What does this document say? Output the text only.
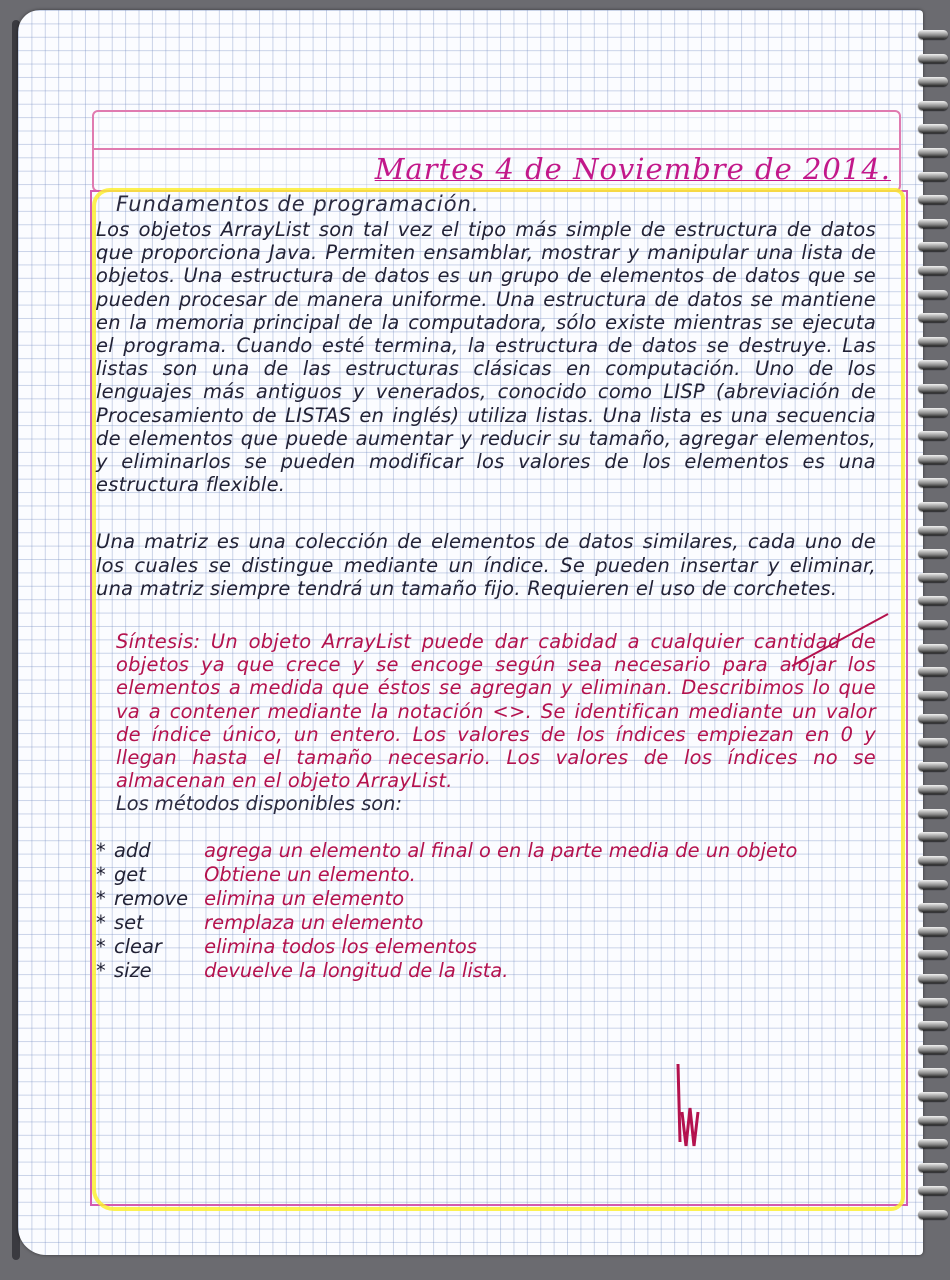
Martes 4 de Noviembre de 2014.

Fundamentos de programación.

Los objetos ArrayList son tal vez el tipo más simple de estructura de datos que proporciona Java. Permiten ensamblar, mostrar y manipular una lista de objetos. Una estructura de datos es un grupo de elementos de datos que se pueden procesar de manera uniforme. Una estructura de datos se mantiene en la memoria principal de la computadora, sólo existe mientras se ejecuta el programa. Cuando esté termina, la estructura de datos se destruye. Las listas son una de las estructuras clásicas en computación. Uno de los lenguajes más antiguos y venerados, conocido como LISP (abreviación de Procesamiento de LISTAS en inglés) utiliza listas. Una lista es una secuencia de elementos que puede aumentar y reducir su tamaño, agregar elementos, y eliminarlos se pueden modificar los valores de los elementos es una estructura flexible.

Una matriz es una colección de elementos de datos similares, cada uno de los cuales se distingue mediante un índice. Se pueden insertar y eliminar, una matriz siempre tendrá un tamaño fijo. Requieren el uso de corchetes.

Síntesis: Un objeto ArrayList puede dar cabidad a cualquier cantidad de objetos ya que crece y se encoge según sea necesario para alojar los elementos a medida que éstos se agregan y eliminan. Describimos lo que va a contener mediante la notación <>. Se identifican mediante un valor de índice único, un entero. Los valores de los índices empiezan en 0 y llegan hasta el tamaño necesario. Los valores de los índices no se almacenan en el objeto ArrayList.

Los métodos disponibles son:

* add	agrega un elemento al final o en la parte media de un objeto
* get	Obtiene un elemento.
* remove elimina un elemento
* set	remplaza un elemento
* clear elimina todos los elementos
* size	devuelve la longitud de la lista.
